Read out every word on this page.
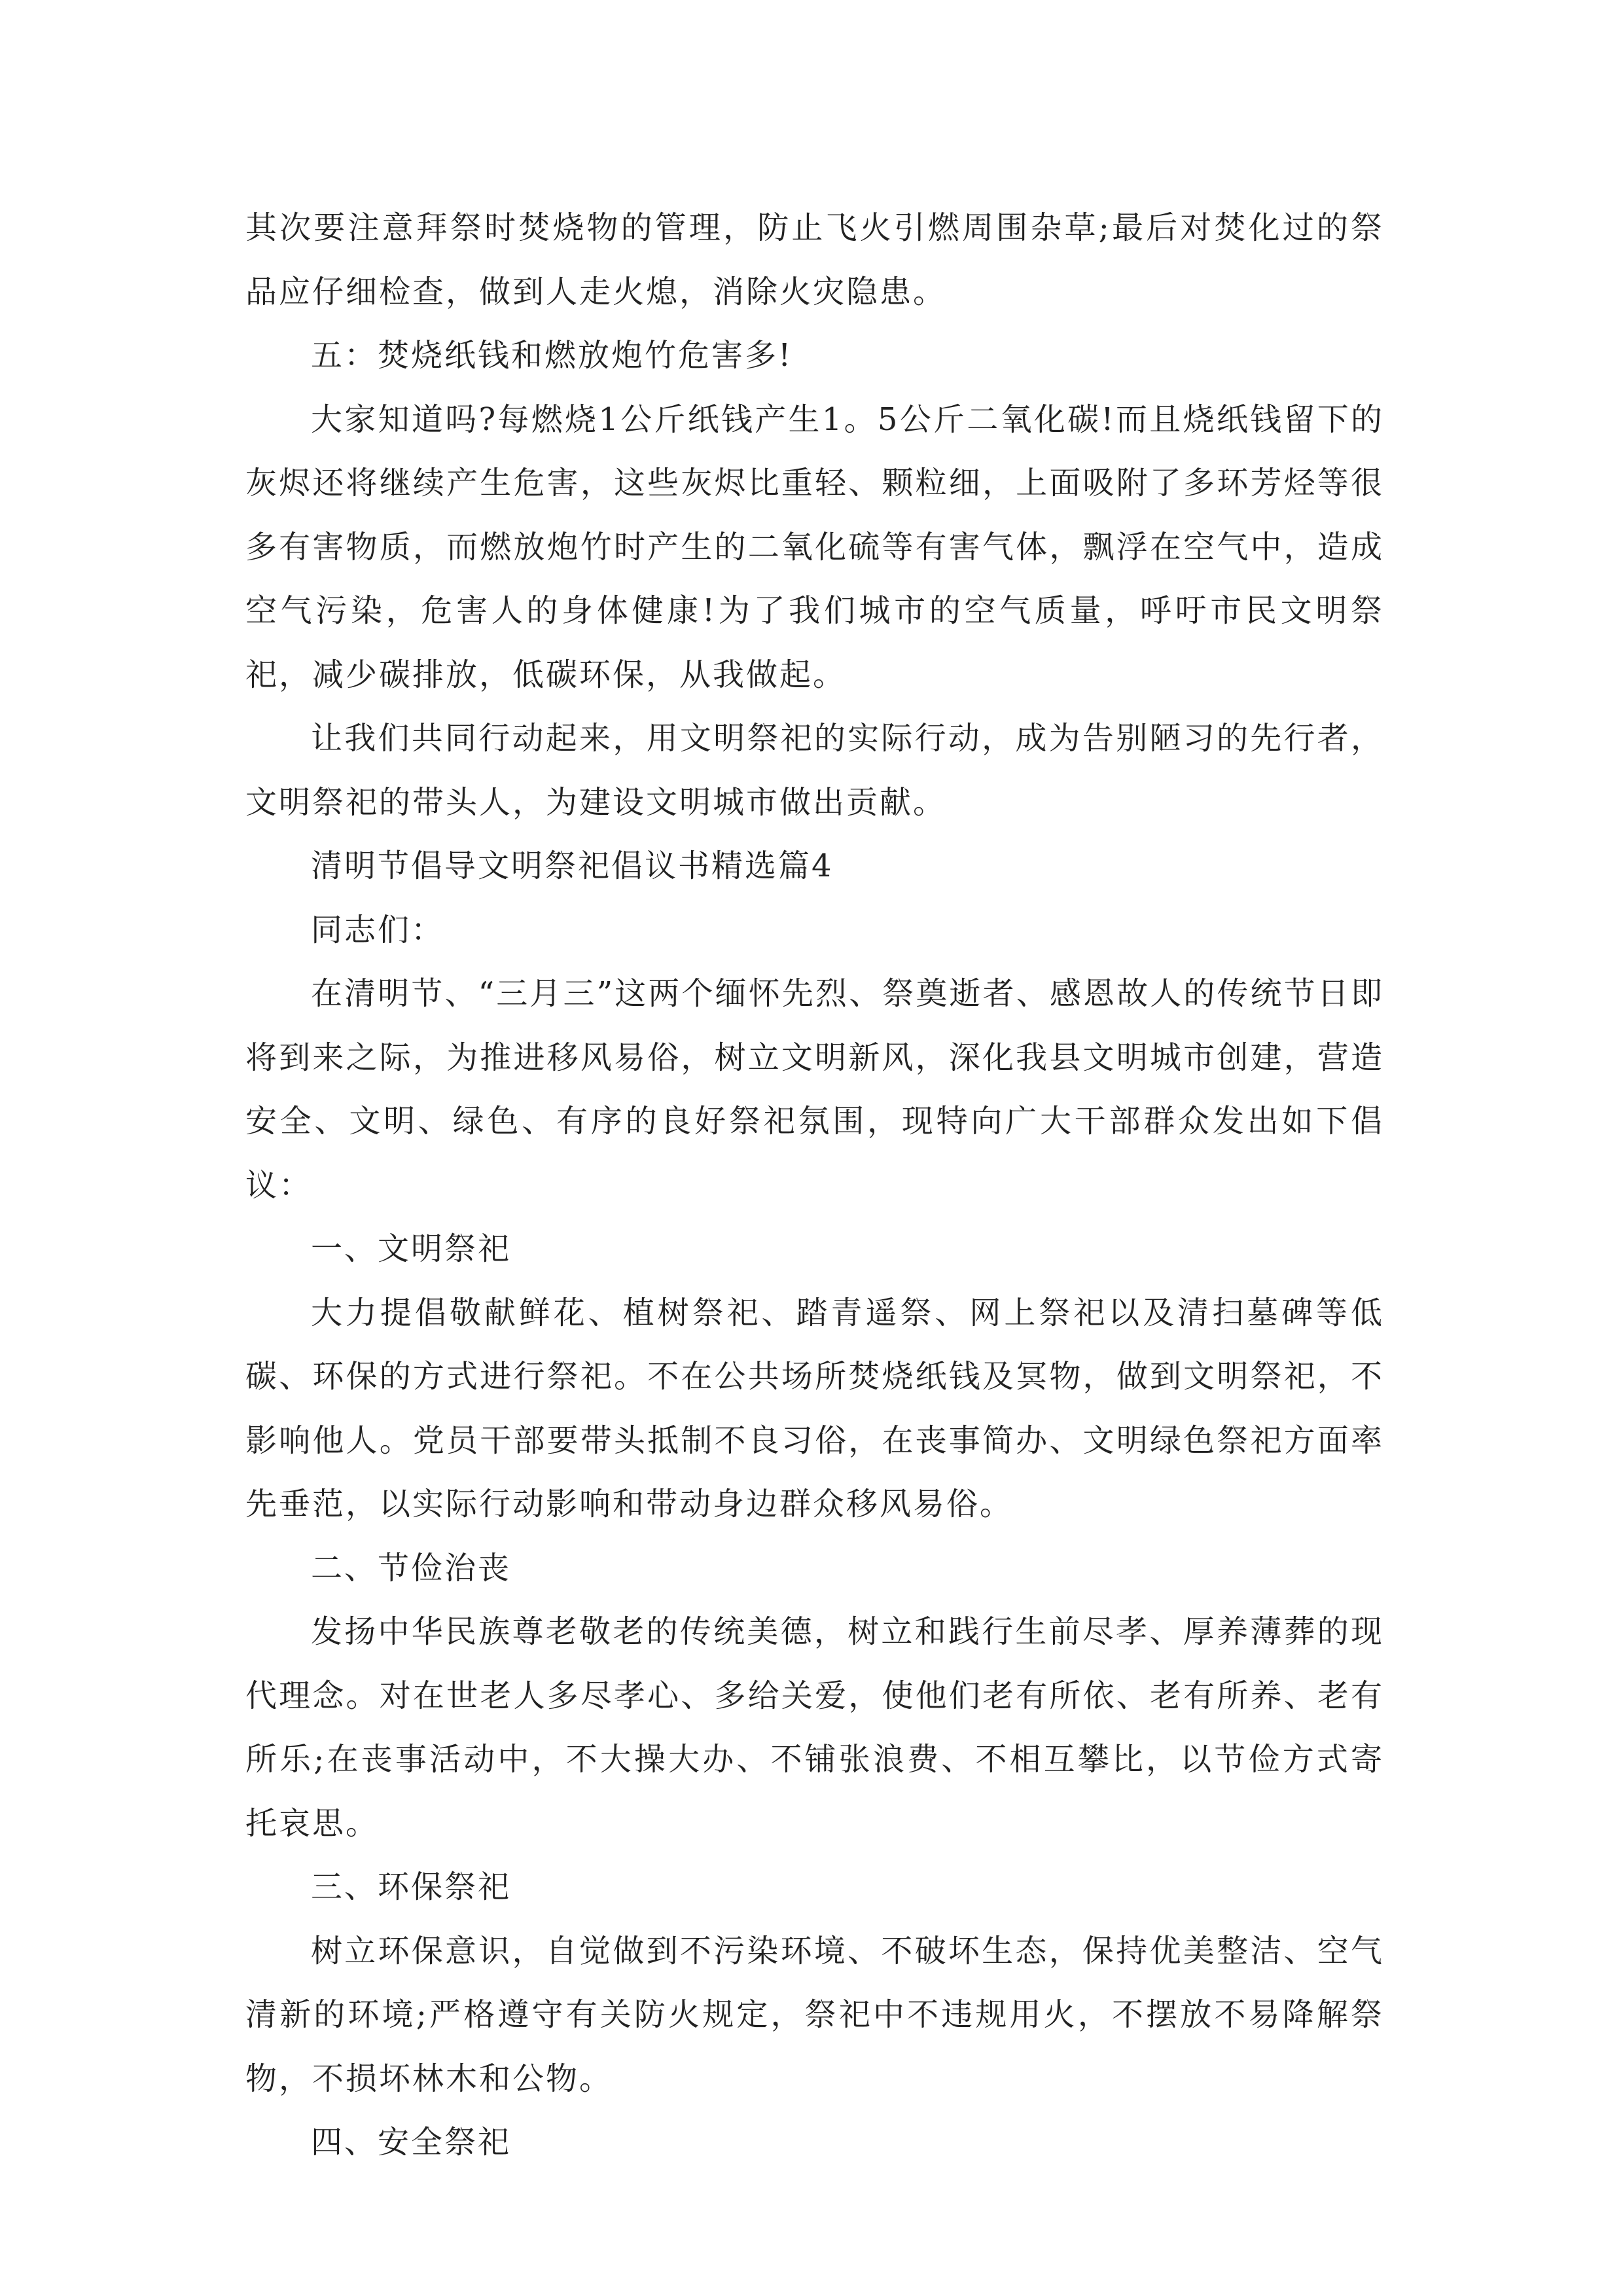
其次要注意拜祭时焚烧物的管理，防止飞火引燃周围杂草;最后对焚化过的祭品应仔细检查，做到人走火熄，消除火灾隐患。

五：焚烧纸钱和燃放炮竹危害多!

大家知道吗?每燃烧1公斤纸钱产生1。5公斤二氧化碳!而且烧纸钱留下的灰烬还将继续产生危害，这些灰烬比重轻、颗粒细，上面吸附了多环芳烃等很多有害物质，而燃放炮竹时产生的二氧化硫等有害气体，飘浮在空气中，造成空气污染，危害人的身体健康!为了我们城市的空气质量，呼吁市民文明祭祀，减少碳排放，低碳环保，从我做起。

让我们共同行动起来，用文明祭祀的实际行动，成为告别陋习的先行者，文明祭祀的带头人，为建设文明城市做出贡献。

清明节倡导文明祭祀倡议书精选篇4

同志们：

在清明节、“三月三”这两个缅怀先烈、祭奠逝者、感恩故人的传统节日即将到来之际，为推进移风易俗，树立文明新风，深化我县文明城市创建，营造安全、文明、绿色、有序的良好祭祀氛围，现特向广大干部群众发出如下倡议：

一、文明祭祀

大力提倡敬献鲜花、植树祭祀、踏青遥祭、网上祭祀以及清扫墓碑等低碳、环保的方式进行祭祀。不在公共场所焚烧纸钱及冥物，做到文明祭祀，不影响他人。党员干部要带头抵制不良习俗，在丧事简办、文明绿色祭祀方面率先垂范，以实际行动影响和带动身边群众移风易俗。

二、节俭治丧

发扬中华民族尊老敬老的传统美德，树立和践行生前尽孝、厚养薄葬的现代理念。对在世老人多尽孝心、多给关爱，使他们老有所依、老有所养、老有所乐;在丧事活动中，不大操大办、不铺张浪费、不相互攀比，以节俭方式寄托哀思。

三、环保祭祀

树立环保意识，自觉做到不污染环境、不破坏生态，保持优美整洁、空气清新的环境;严格遵守有关防火规定，祭祀中不违规用火，不摆放不易降解祭物，不损坏林木和公物。

四、安全祭祀
